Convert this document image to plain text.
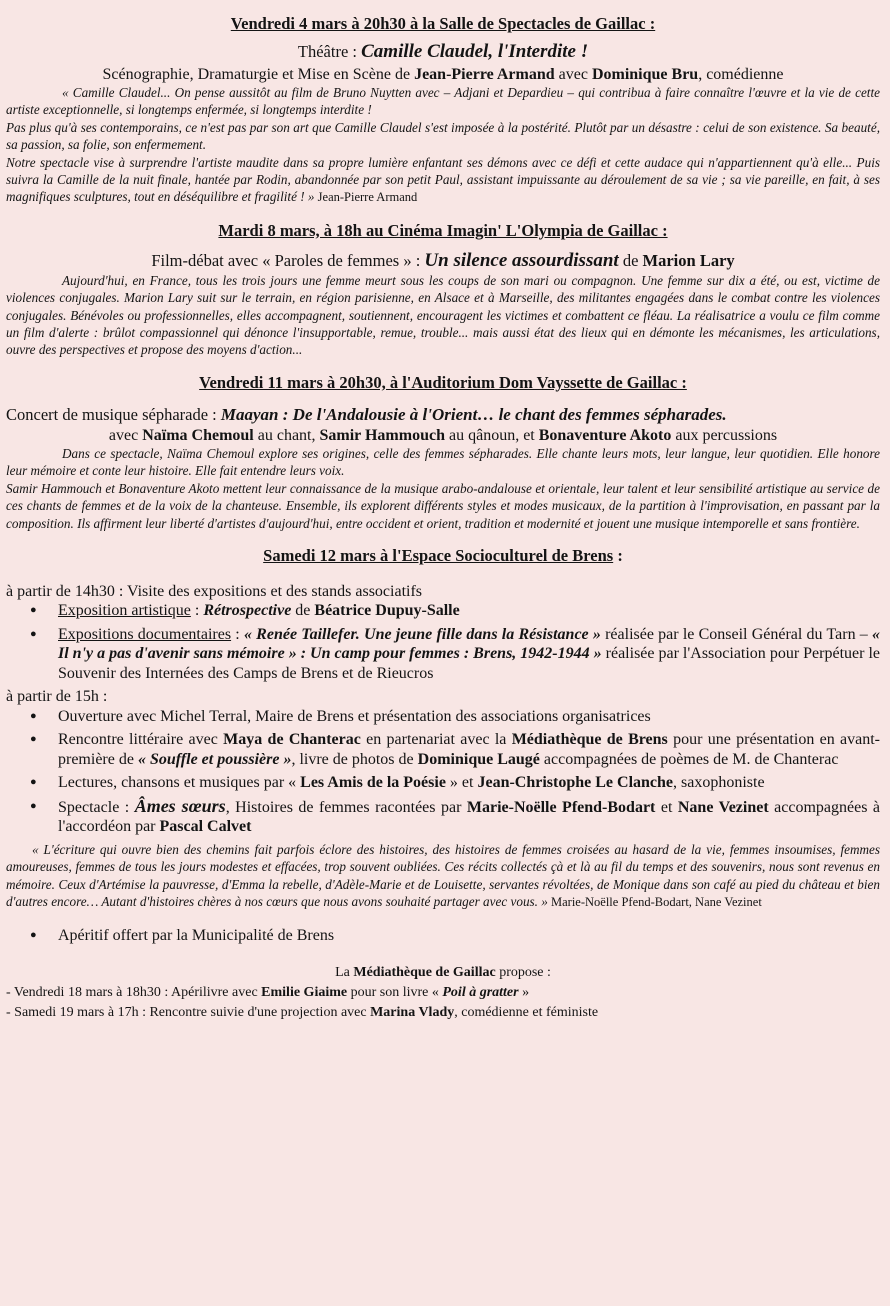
Vendredi 4 mars à 20h30 à la Salle de Spectacles de Gaillac :
Théâtre : Camille Claudel, l'Interdite !
Scénographie, Dramaturgie et Mise en Scène de Jean-Pierre Armand avec Dominique Bru, comédienne

« Camille Claudel... On pense aussitôt au film de Bruno Nuytten avec – Adjani et Depardieu – qui contribua à faire connaître l'œuvre et la vie de cette artiste exceptionnelle, si longtemps enfermée, si longtemps interdite !

Pas plus qu'à ses contemporains, ce n'est pas par son art que Camille Claudel s'est imposée à la postérité. Plutôt par un désastre : celui de son existence. Sa beauté, sa passion, sa folie, son enfermement.

Notre spectacle vise à surprendre l'artiste maudite dans sa propre lumière enfantant ses démons avec ce défi et cette audace qui n'appartiennent qu'à elle... Puis suivra la Camille de la nuit finale, hantée par Rodin, abandonnée par son petit Paul, assistant impuissante au déroulement de sa vie ; sa vie pareille, en fait, à ses magnifiques sculptures, tout en déséquilibre et fragilité ! » Jean-Pierre Armand

Mardi 8 mars, à 18h au Cinéma Imagin' L'Olympia de Gaillac :
Film-débat avec « Paroles de femmes » : Un silence assourdissant de Marion Lary

Aujourd'hui, en France, tous les trois jours une femme meurt sous les coups de son mari ou compagnon. Une femme sur dix a été, ou est, victime de violences conjugales. Marion Lary suit sur le terrain, en région parisienne, en Alsace et à Marseille, des militantes engagées dans le combat contre les violences conjugales. Bénévoles ou professionnelles, elles accompagnent, soutiennent, encouragent les victimes et combattent ce fléau. La réalisatrice a voulu ce film comme un film d'alerte : brûlot compassionnel qui dénonce l'insupportable, remue, trouble... mais aussi état des lieux qui en démonte les mécanismes, les articulations, ouvre des perspectives et propose des moyens d'action...

Vendredi 11 mars à 20h30, à l'Auditorium Dom Vayssette de Gaillac :
Concert de musique sépharade : Maayan : De l'Andalousie à l'Orient… le chant des femmes sépharades.
avec Naïma Chemoul au chant, Samir Hammouch au qânoun, et Bonaventure Akoto aux percussions

Dans ce spectacle, Naïma Chemoul explore ses origines, celle des femmes sépharades. Elle chante leurs mots, leur langue, leur quotidien. Elle honore leur mémoire et conte leur histoire. Elle fait entendre leurs voix.

Samir Hammouch et Bonaventure Akoto mettent leur connaissance de la musique arabo-andalouse et orientale, leur talent et leur sensibilité artistique au service de ces chants de femmes et de la voix de la chanteuse. Ensemble, ils explorent différents styles et modes musicaux, de la partition à l'improvisation, en passant par la composition. Ils affirment leur liberté d'artistes d'aujourd'hui, entre occident et orient, tradition et modernité et jouent une musique intemporelle et sans frontière.

Samedi 12 mars à l'Espace Socioculturel de Brens :
à partir de 14h30 : Visite des expositions et des stands associatifs
● Exposition artistique : Rétrospective de Béatrice Dupuy-Salle
● Expositions documentaires : « Renée Taillefer. Une jeune fille dans la Résistance » réalisée par le Conseil Général du Tarn – « Il n'y a pas d'avenir sans mémoire » : Un camp pour femmes : Brens, 1942-1944 » réalisée par l'Association pour Perpétuer le Souvenir des Internées des Camps de Brens et de Rieucros
à partir de 15h :
● Ouverture avec Michel Terral, Maire de Brens et présentation des associations organisatrices
● Rencontre littéraire avec Maya de Chanterac en partenariat avec la Médiathèque de Brens pour une présentation en avant-première de « Souffle et poussière », livre de photos de Dominique Laugé accompagnées de poèmes de M. de Chanterac
● Lectures, chansons et musiques par « Les Amis de la Poésie » et Jean-Christophe Le Clanche, saxophoniste
● Spectacle : Âmes sœurs, Histoires de femmes racontées par Marie-Noëlle Pfend-Bodart et Nane Vezinet accompagnées à l'accordéon par Pascal Calvet

« L'écriture qui ouvre bien des chemins fait parfois éclore des histoires, des histoires de femmes croisées au hasard de la vie, femmes insoumises, femmes amoureuses, femmes de tous les jours modestes et effacées, trop souvent oubliées. Ces récits collectés çà et là au fil du temps et des souvenirs, nous sont revenus en mémoire. Ceux d'Artémise la pauvresse, d'Emma la rebelle, d'Adèle-Marie et de Louisette, servantes révoltées, de Monique dans son café au pied du château et bien d'autres encore… Autant d'histoires chères à nos cœurs que nous avons souhaité partager avec vous. » Marie-Noëlle Pfend-Bodart, Nane Vezinet

● Apéritif offert par la Municipalité de Brens
La Médiathèque de Gaillac propose :
- Vendredi 18 mars à 18h30 : Apérilivre avec Emilie Giaime pour son livre « Poil à gratter »
- Samedi 19 mars à 17h : Rencontre suivie d'une projection avec Marina Vlady, comédienne et féministe
